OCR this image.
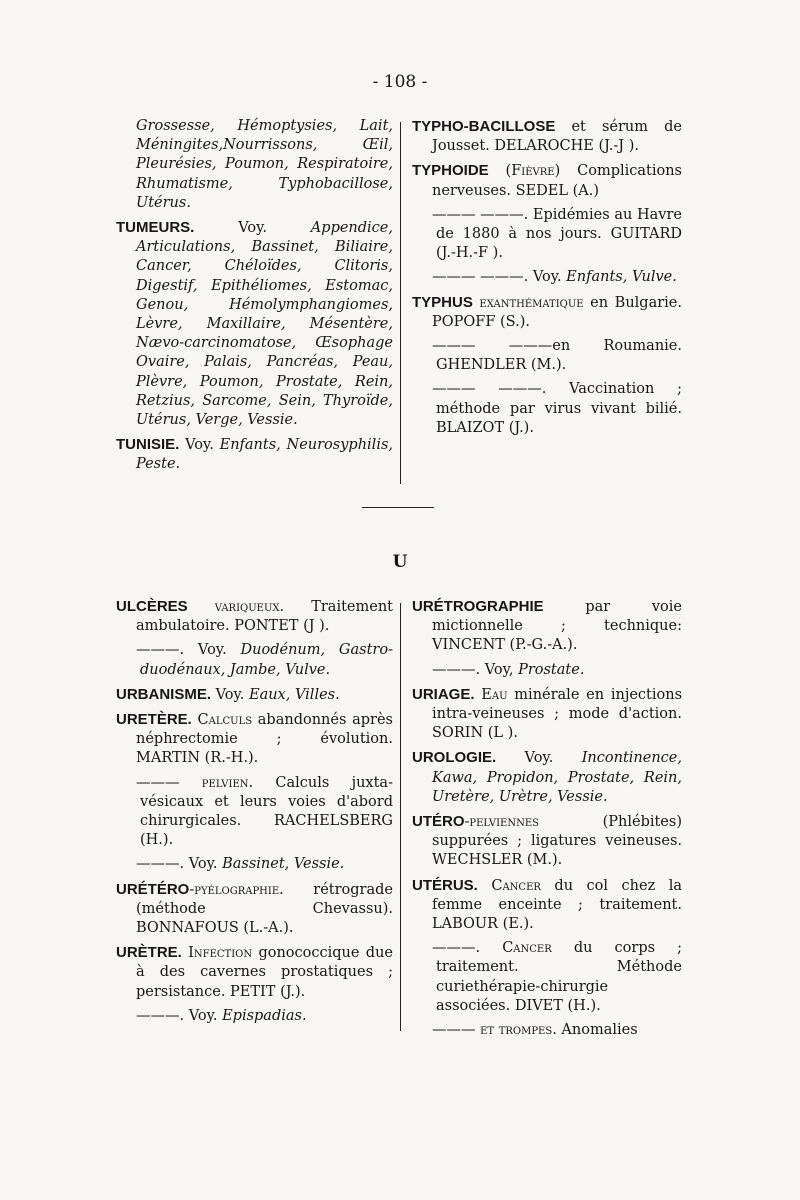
- 108 -
U
Grossesse, Hémoptysies, Lait, Méningites,Nourrissons, Œil, Pleurésies, Poumon, Respiratoire, Rhumatisme, Typhobacillose, Utérus.
TUMEURS. Voy. Appendice, Articulations, Bassinet, Biliaire, Cancer, Chéloïdes, Clitoris, Digestif, Epithéliomes, Estomac, Genou, Hémolymphangiomes, Lèvre, Maxillaire, Mésentère, Nævo-carcinomatose, Œsophage Ovaire, Palais, Pancréas, Peau, Plèvre, Poumon, Prostate, Rein, Retzius, Sarcome, Sein, Thyroïde, Utérus, Verge, Vessie.
TUNISIE. Voy. Enfants, Neurosyphilis, Peste.
TYPHO-BACILLOSE et sérum de Jousset. DELAROCHE (J.-J ).
TYPHOIDE (Fièvre) Complications nerveuses. SEDEL (A.)
——— ———. Epidémies au Havre de 1880 à nos jours. GUITARD (J.-H.-F ).
——— ———. Voy. Enfants, Vulve.
TYPHUS exanthématique en Bulgarie. POPOFF (S.).
——— ———en Roumanie. GHENDLER (M.).
——— ———. Vaccination ; méthode par virus vivant bilié. BLAIZOT (J.).
ULCÈRES variqueux. Traitement ambulatoire. PONTET (J ).
———. Voy. Duodénum, Gastro-duodénaux, Jambe, Vulve.
URBANISME. Voy. Eaux, Villes.
URETÈRE. Calculs abandonnés après néphrectomie ; évolution. MARTIN (R.-H.).
——— pelvien. Calculs juxta-vésicaux et leurs voies d'abord chirurgicales. RACHELSBERG (H.).
———. Voy. Bassinet, Vessie.
URÉTÉRO-pyélographie. rétrograde (méthode Chevassu). BONNAFOUS (L.-A.).
URÈTRE. Infection gonococcique due à des cavernes prostatiques ; persistance. PETIT (J.).
———. Voy. Epispadias.
URÉTROGRAPHIE par voie mictionnelle ; technique: VINCENT (P.-G.-A.).
———. Voy, Prostate.
URIAGE. Eau minérale en injections intra-veineuses ; mode d'action. SORIN (L ).
UROLOGIE. Voy. Incontinence, Kawa, Propidon, Prostate, Rein, Uretère, Urètre, Vessie.
UTÉRO-pelviennes (Phlébites) suppurées ; ligatures veineuses. WECHSLER (M.).
UTÉRUS. Cancer du col chez la femme enceinte ; traitement. LABOUR (E.).
———. Cancer du corps ; traitement. Méthode curiethérapie-chirurgie associées. DIVET (H.).
——— et trompes. Anomalies
